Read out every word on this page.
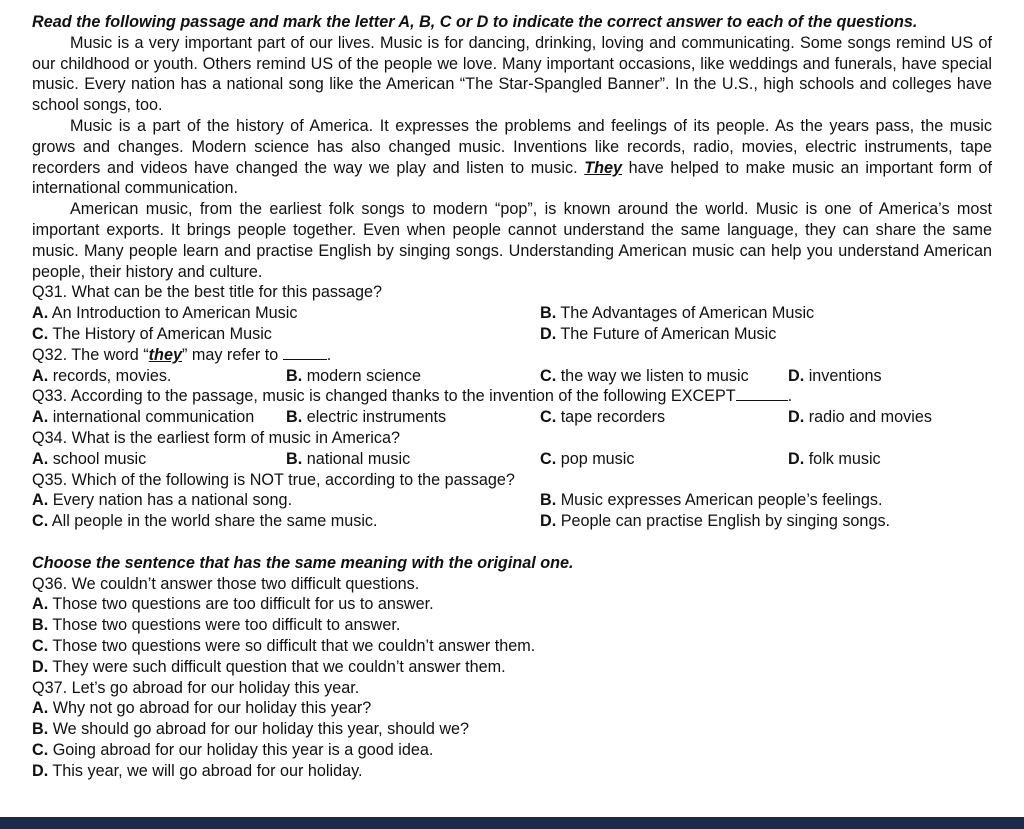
Read the following passage and mark the letter A, B, C or D to indicate the correct answer to each of the questions.
Music is a very important part of our lives. Music is for dancing, drinking, loving and communicating. Some songs remind US of our childhood or youth. Others remind US of the people we love. Many important occasions, like weddings and funerals, have special music. Every nation has a national song like the American “The Star-Spangled Banner”. In the U.S., high schools and colleges have school songs, too.
Music is a part of the history of America. It expresses the problems and feelings of its people. As the years pass, the music grows and changes. Modern science has also changed music. Inventions like records, radio, movies, electric instruments, tape recorders and videos have changed the way we play and listen to music. They have helped to make music an important form of international communication.
American music, from the earliest folk songs to modern “pop”, is known around the world. Music is one of America’s most important exports. It brings people together. Even when people cannot understand the same language, they can share the same music. Many people learn and practise English by singing songs. Understanding American music can help you understand American people, their history and culture.
Q31. What can be the best title for this passage?
A. An Introduction to American Music	B. The Advantages of American Music
C. The History of American Music	D. The Future of American Music
Q32. The word “they” may refer to	.
A. records, movies.	B. modern science	C. the way we listen to music D. inventions
Q33. According to the passage, music is changed thanks to the invention of the following EXCEPT	.
A. international communication B. electric instruments	C. tape recorders	D. radio and movies
Q34. What is the earliest form of music in America?
A. school music	B. national music	C. pop music	D. folk music
Q35. Which of the following is NOT true, according to the passage?
A. Every nation has a national song.	B. Music expresses American people’s feelings.
C. All people in the world share the same music.	D. People can practise English by singing songs.
Choose the sentence that has the same meaning with the original one.
Q36. We couldn’t answer those two difficult questions.
A. Those two questions are too difficult for us to answer.
B. Those two questions were too difficult to answer.
C. Those two questions were so difficult that we couldn’t answer them.
D. They were such difficult question that we couldn’t answer them.
Q37. Let’s go abroad for our holiday this year.
A. Why not go abroad for our holiday this year?
B. We should go abroad for our holiday this year, should we?
C. Going abroad for our holiday this year is a good idea.
D. This year, we will go abroad for our holiday.
